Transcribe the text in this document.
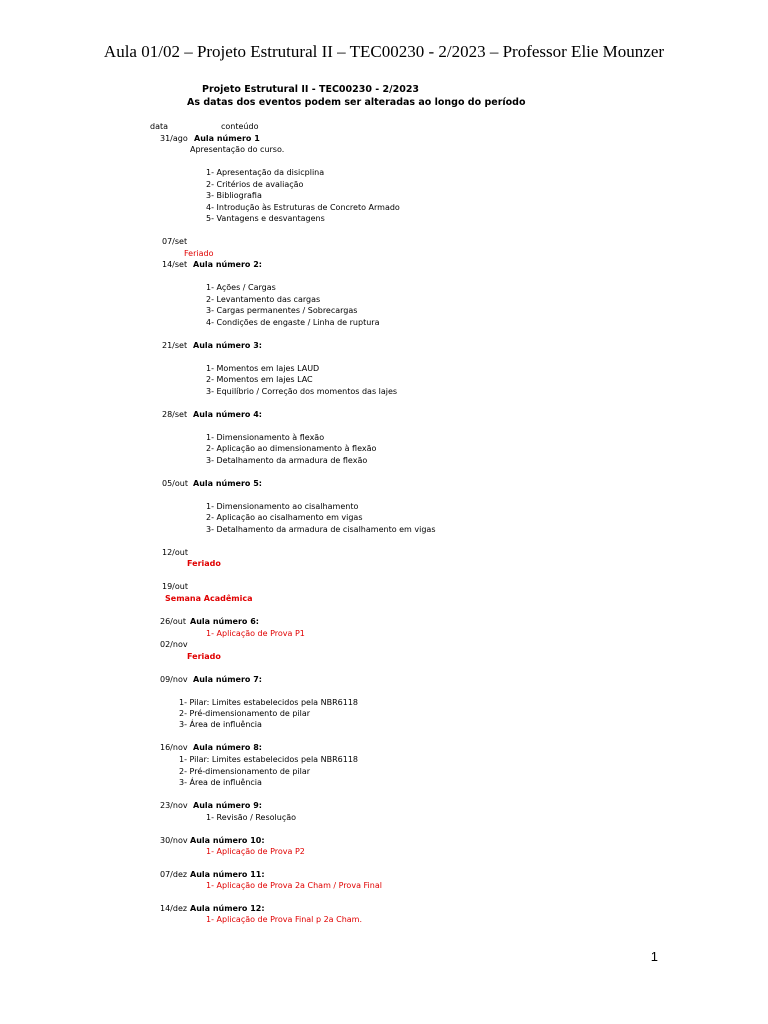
Aula 01/02 – Projeto Estrutural II – TEC00230 - 2/2023 – Professor Elie Mounzer
Projeto Estrutural II - TEC00230 - 2/2023
As datas dos eventos podem ser alteradas ao longo do período
data	conteúdo
31/ago Aula número 1
Apresentação do curso.
1- Apresentação da disicplina
2- Critérios de avaliação
3- Bibliografia
4- Introdução às Estruturas de Concreto Armado
5- Vantagens e desvantagens
07/set
Feriado
14/set Aula número 2:
1- Ações / Cargas
2- Levantamento das cargas
3- Cargas permanentes / Sobrecargas
4- Condições de engaste / Linha de ruptura
21/set Aula número 3:
1- Momentos em lajes LAUD
2- Momentos em lajes LAC
3- Equilíbrio / Correção dos momentos das lajes
28/set Aula número 4:
1- Dimensionamento à flexão
2- Aplicação ao dimensionamento à flexão
3- Detalhamento da armadura de flexão
05/out Aula número 5:
1- Dimensionamento ao cisalhamento
2- Aplicação ao cisalhamento em vigas
3- Detalhamento da armadura de cisalhamento em vigas
12/out
Feriado
19/out
Semana Acadêmica
26/out Aula número 6:
1- Aplicação de Prova P1
02/nov
Feriado
09/nov Aula número 7:
1- Pilar: Limites estabelecidos pela NBR6118
2- Pré-dimensionamento de pilar
3- Área de influência
16/nov Aula número 8:
1- Pilar: Limites estabelecidos pela NBR6118
2- Pré-dimensionamento de pilar
3- Área de influência
23/nov Aula número 9:
1- Revisão / Resolução
30/nov Aula número 10:
1- Aplicação de Prova P2
07/dez Aula número 11:
1- Aplicação de Prova 2a Cham / Prova Final
14/dez Aula número 12:
1- Aplicação de Prova Final p 2a Cham.
1
